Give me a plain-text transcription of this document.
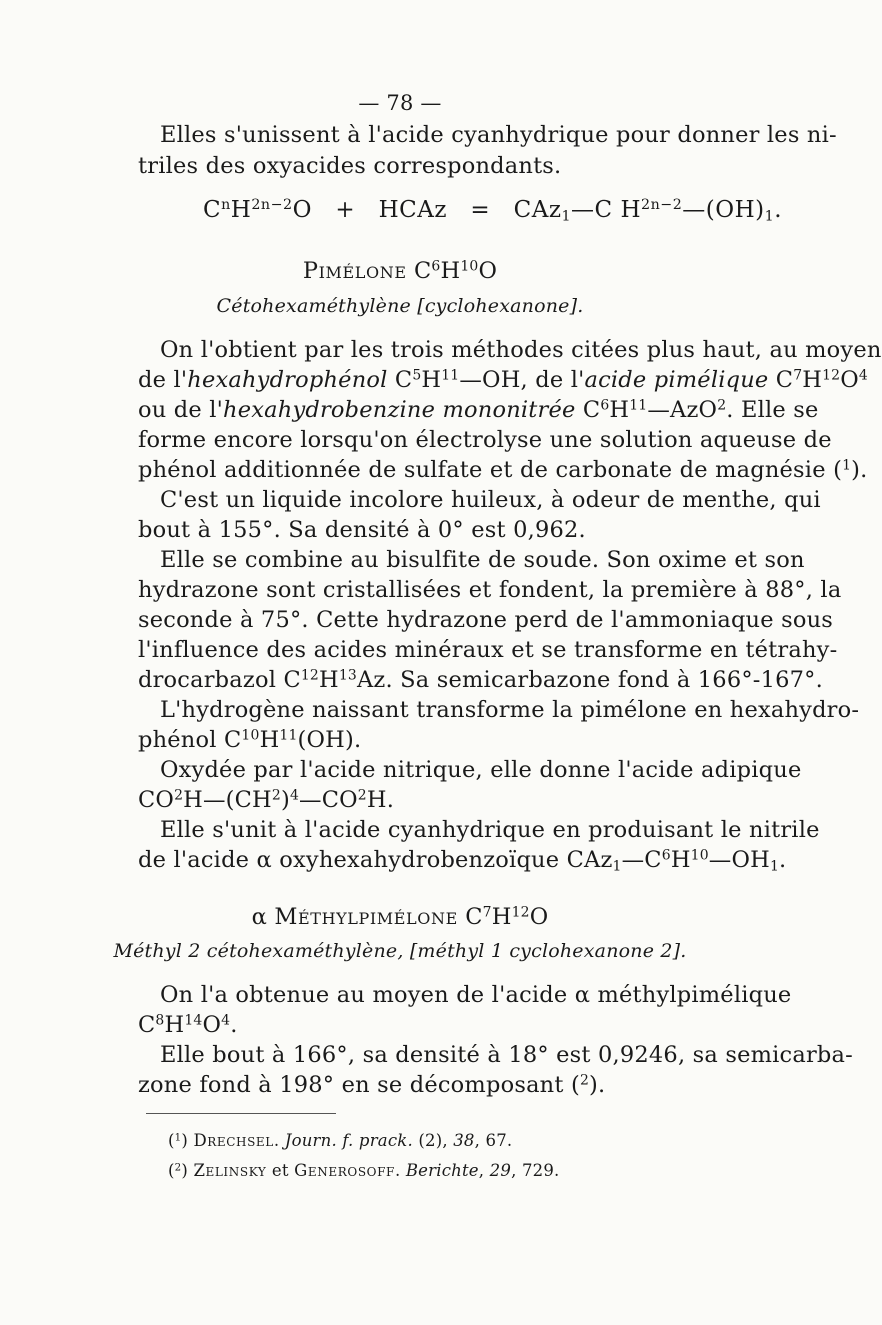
— 78 —
Elles s'unissent à l'acide cyanhydrique pour donner les ni-
triles des oxyacides correspondants.
$C^nH^{2n-2}O$   +   HCAz   =   CAz$_1$—C $H^{2n-2}—(OH)_1$.
Pimélone $C^6H^{10}O$
Cétohexaméthylène [cyclohexanone].
On l'obtient par les trois méthodes citées plus haut, au moyen
de l'hexahydrophénol $C^5H^{11}—OH$, de l'acide pimélique $C^7H^{12}O^4$
ou de l'hexahydrobenzine mononitrée $C^6H^{11}—AzO^2$. Elle se
forme encore lorsqu'on électrolyse une solution aqueuse de
phénol additionnée de sulfate et de carbonate de magnésie ($^1$).
C'est un liquide incolore huileux, à odeur de menthe, qui
bout à 155°. Sa densité à 0° est 0,962.
Elle se combine au bisulfite de soude. Son oxime et son
hydrazone sont cristallisées et fondent, la première à 88°, la
seconde à 75°. Cette hydrazone perd de l'ammoniaque sous
l'influence des acides minéraux et se transforme en tétrahy-
drocarbazol $C^{12}H^{13}Az$. Sa semicarbazone fond à 166°-167°.
L'hydrogène naissant transforme la pimélone en hexahydro-
phénol $C^{10}H^{11}(OH)$.
Oxydée par l'acide nitrique, elle donne l'acide adipique
$CO^2H—(CH^2)^4—CO^2H$.
Elle s'unit à l'acide cyanhydrique en produisant le nitrile
de l'acide α oxyhexahydrobenzoïque $CAz_1—C^6H^{10}—OH_1$.
α Méthylpimélone $C^7H^{12}O$
Méthyl 2 cétohexaméthylène, [méthyl 1 cyclohexanone 2].
On l'a obtenue au moyen de l'acide α méthylpimélique
$C^8H^{14}O^4$.
Elle bout à 166°, sa densité à 18° est 0,9246, sa semicarba-
zone fond à 198° en se décomposant ($^2$).
($^1$) Drechsel. Journ. f. prack. (2), 38, 67.
($^2$) Zelinsky et Generosoff. Berichte, 29, 729.
